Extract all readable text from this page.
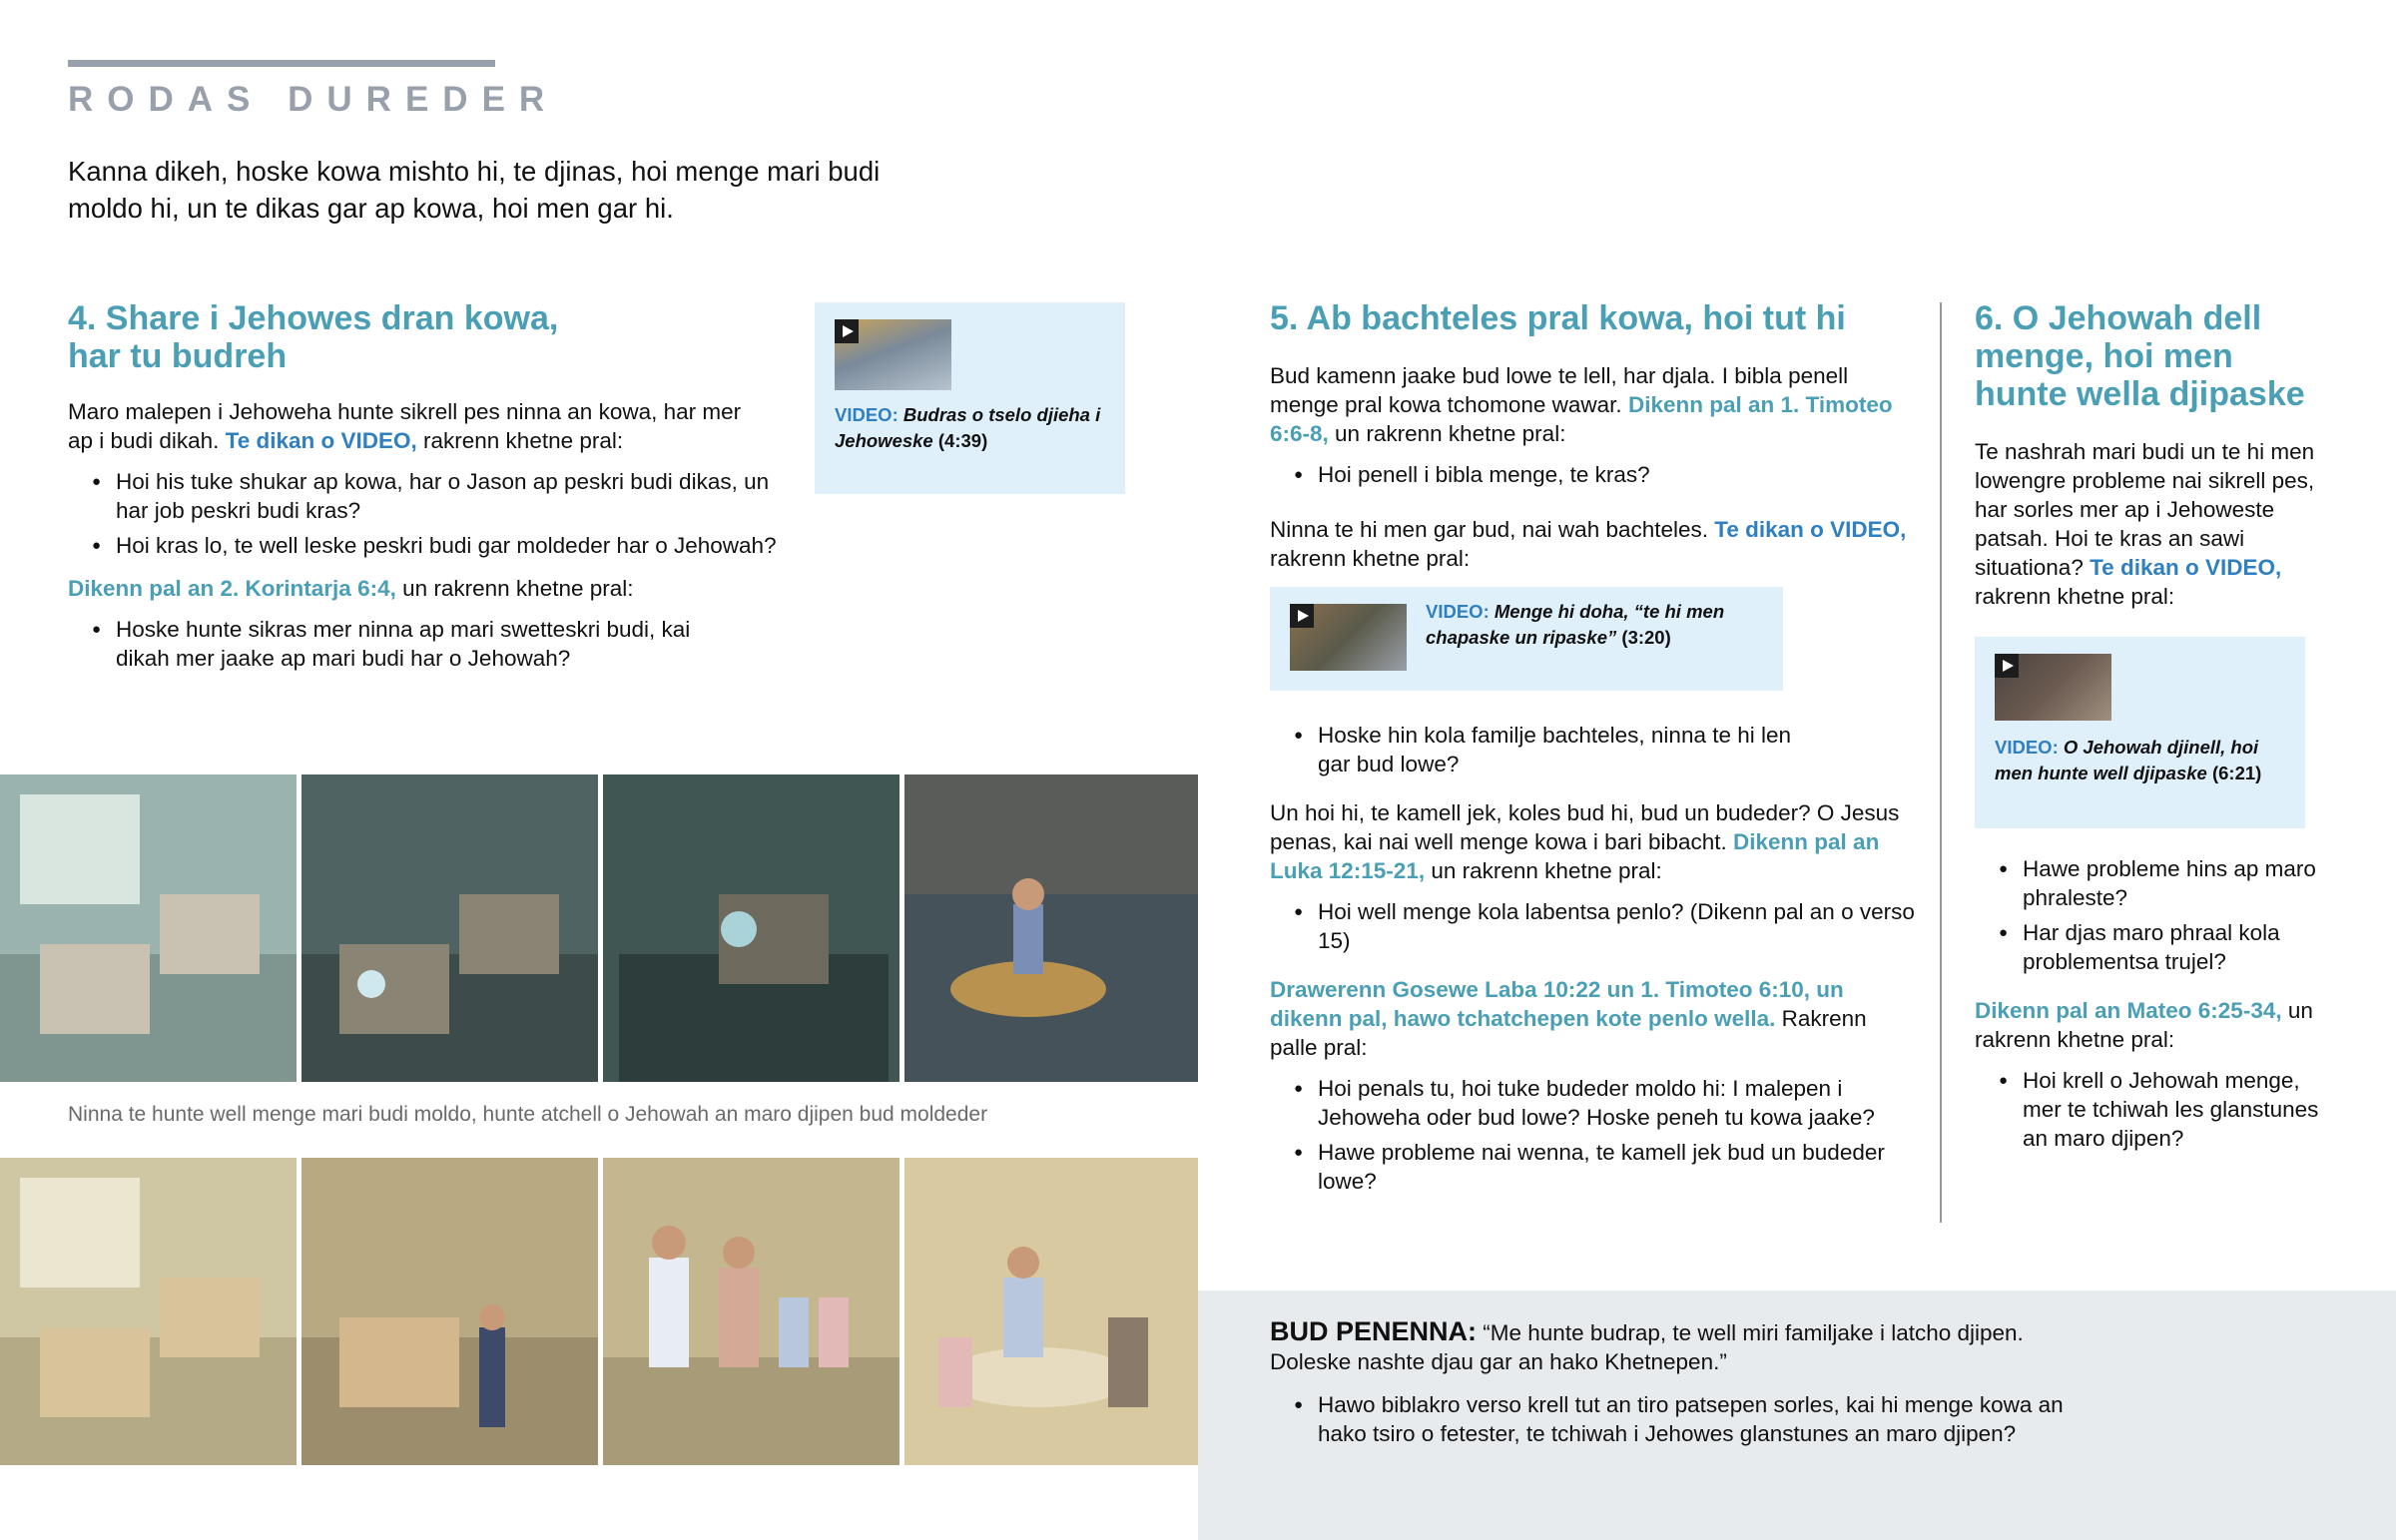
RODAS DUREDER

Kanna dikeh, hoske kowa mishto hi, te djinas, hoi menge mari budi moldo hi, un te dikas gar ap kowa, hoi men gar hi.

4. Share i Jehowes dran kowa, har tu budreh

Maro malepen i Jehoweha hunte sikrell pes ninna an kowa, har mer ap i budi dikah. Te dikan o VIDEO, rakrenn khetne pral:

● Hoi his tuke shukar ap kowa, har o Jason ap peskri budi dikas, un har job peskri budi kras?
● Hoi kras lo, te well leske peskri budi gar moldeder har o Jehowah?

Dikenn pal an 2. Korintarja 6:4, un rakrenn khetne pral:

● Hoske hunte sikras mer ninna ap mari swetteskri budi, kai dikah mer jaake ap mari budi har o Jehowah?
VIDEO: Budras o tselo djieha i Jehoweske (4:39)
Ninna te hunte well menge mari budi moldo, hunte atchell o Jehowah an maro djipen bud moldeder
5. Ab bachteles pral kowa, hoi tut hi

Bud kamenn jaake bud lowe te lell, har djala. I bibla penell menge pral kowa tchomone wawar. Dikenn pal an 1. Timoteo 6:6-8, un rakrenn khetne pral:

● Hoi penell i bibla menge, te kras?

Ninna te hi men gar bud, nai wah bachteles. Te dikan o VIDEO, rakrenn khetne pral:

VIDEO: Menge hi doha, “te hi men chapaske un ripaske” (3:20)
● Hoske hin kola familje bachteles, ninna te hi len gar bud lowe?

Un hoi hi, te kamell jek, koles bud hi, bud un budeder? O Jesus penas, kai nai well menge kowa i bari bibacht. Dikenn pal an Luka 12:15-21, un rakrenn khetne pral:

● Hoi well menge kola labentsa penlo? (Dikenn pal an o verso 15)

Drawerenn Gosewe Laba 10:22 un 1. Timoteo 6:10, un dikenn pal, hawo tchatchepen kote penlo wella. Rakrenn palle pral:

● Hoi penals tu, hoi tuke budeder moldo hi: I malepen i Jehoweha oder bud lowe? Hoske peneh tu kowa jaake?
● Hawe probleme nai wenna, te kamell jek bud un budeder lowe?
6. O Jehowah dell menge, hoi men hunte wella djipaske

Te nashrah mari budi un te hi men lowengre probleme nai sikrell pes, har sorles mer ap i Jehoweste patsah. Hoi te kras an sawi situationa? Te dikan o VIDEO, rakrenn khetne pral:

VIDEO: O Jehowah djinell, hoi men hunte well djipaske (6:21)
● Hawe probleme hins ap maro phraleste?
● Har djas maro phraal kola problementsa trujel?

Dikenn pal an Mateo 6:25-34, un rakrenn khetne pral:

● Hoi krell o Jehowah menge, mer te tchiwah les glanstunes an maro djipen?

BUD PENENNA: “Me hunte budrap, te well miri familjake i latcho djipen. Doleske nashte djau gar an hako Khetnepen.”

● Hawo biblakro verso krell tut an tiro patsepen sorles, kai hi menge kowa an hako tsiro o fetester, te tchiwah i Jehowes glanstunes an maro djipen?
